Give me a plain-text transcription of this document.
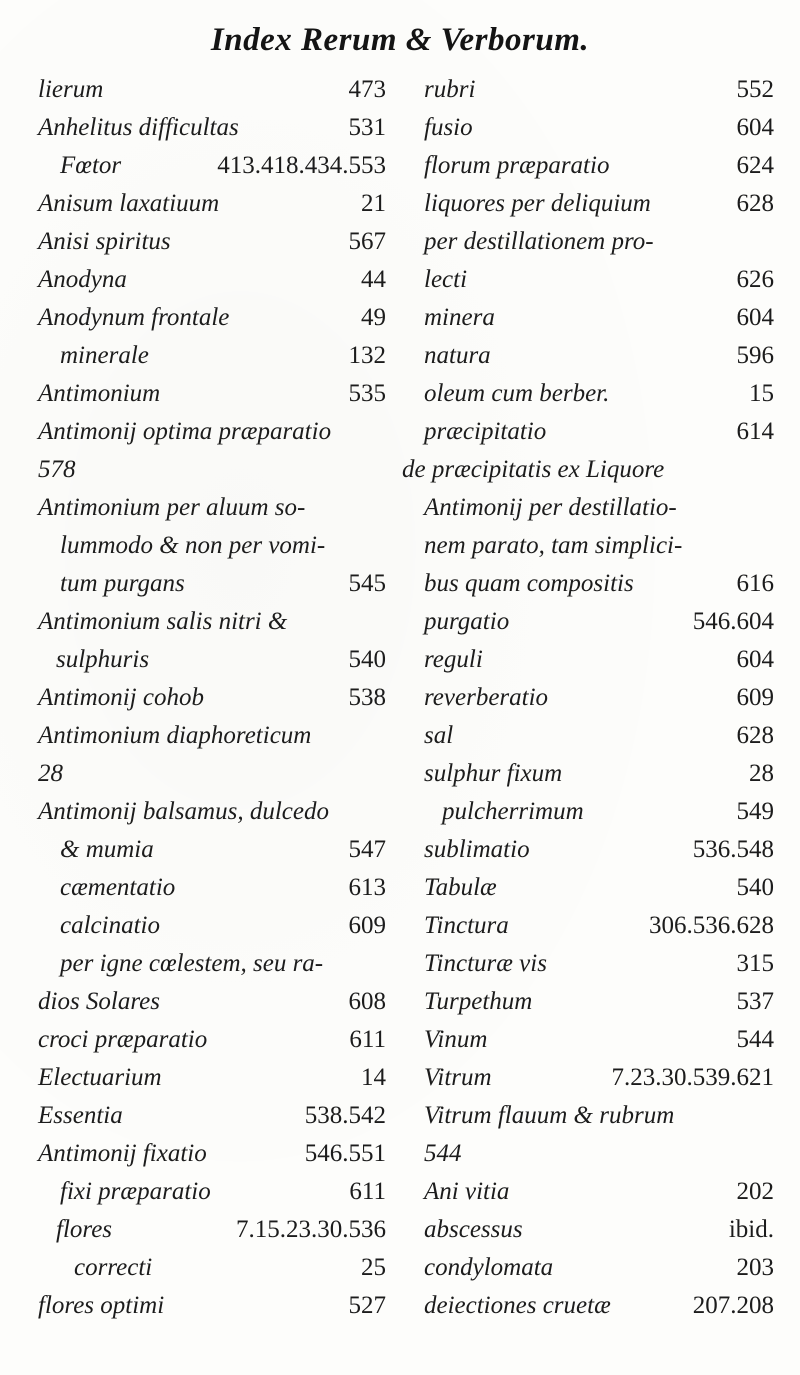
Index Rerum & Verborum.
lierum	473
Anhelitus difficultas	531
Fœtor	413.418.434.553
Anisum laxatiuum	21
Anisi spiritus	567
Anodyna	44
Anodynum frontale	49
minerale	132
Antimonium	535
Antimonij optima præparatio
578
Antimonium per aluum so-
lummodo & non per vomi-
tum purgans	545
Antimonium salis nitri &
sulphuris	540
Antimonij cohob	538
Antimonium diaphoreticum
28
Antimonij balsamus, dulcedo
& mumia	547
cæmentatio	613
calcinatio	609
per igne cœlestem, seu ra-
dios Solares	608
croci præparatio	611
Electuarium	14
Essentia	538.542
Antimonij fixatio	546.551
fixi præparatio	611
flores	7.15.23.30.536
correcti	25
flores optimi	527
rubri	552
fusio	604
florum præparatio	624
liquores per deliquium	628
per destillationem pro-
lecti	626
minera	604
natura	596
oleum cum berber.	15
præcipitatio	614
de præcipitatis ex Liquore
Antimonij per destillatio-
nem parato, tam simplici-
bus quam compositis	616
purgatio	546.604
reguli	604
reverberatio	609
sal	628
sulphur fixum	28
pulcherrimum	549
sublimatio	536.548
Tabulæ	540
Tinctura	306.536.628
Tincturæ vis	315
Turpethum	537
Vinum	544
Vitrum	7.23.30.539.621
Vitrum flauum & rubrum
544
Ani vitia	202
abscessus	ibid.
condylomata	203
deiectiones cruetæ	207.208
